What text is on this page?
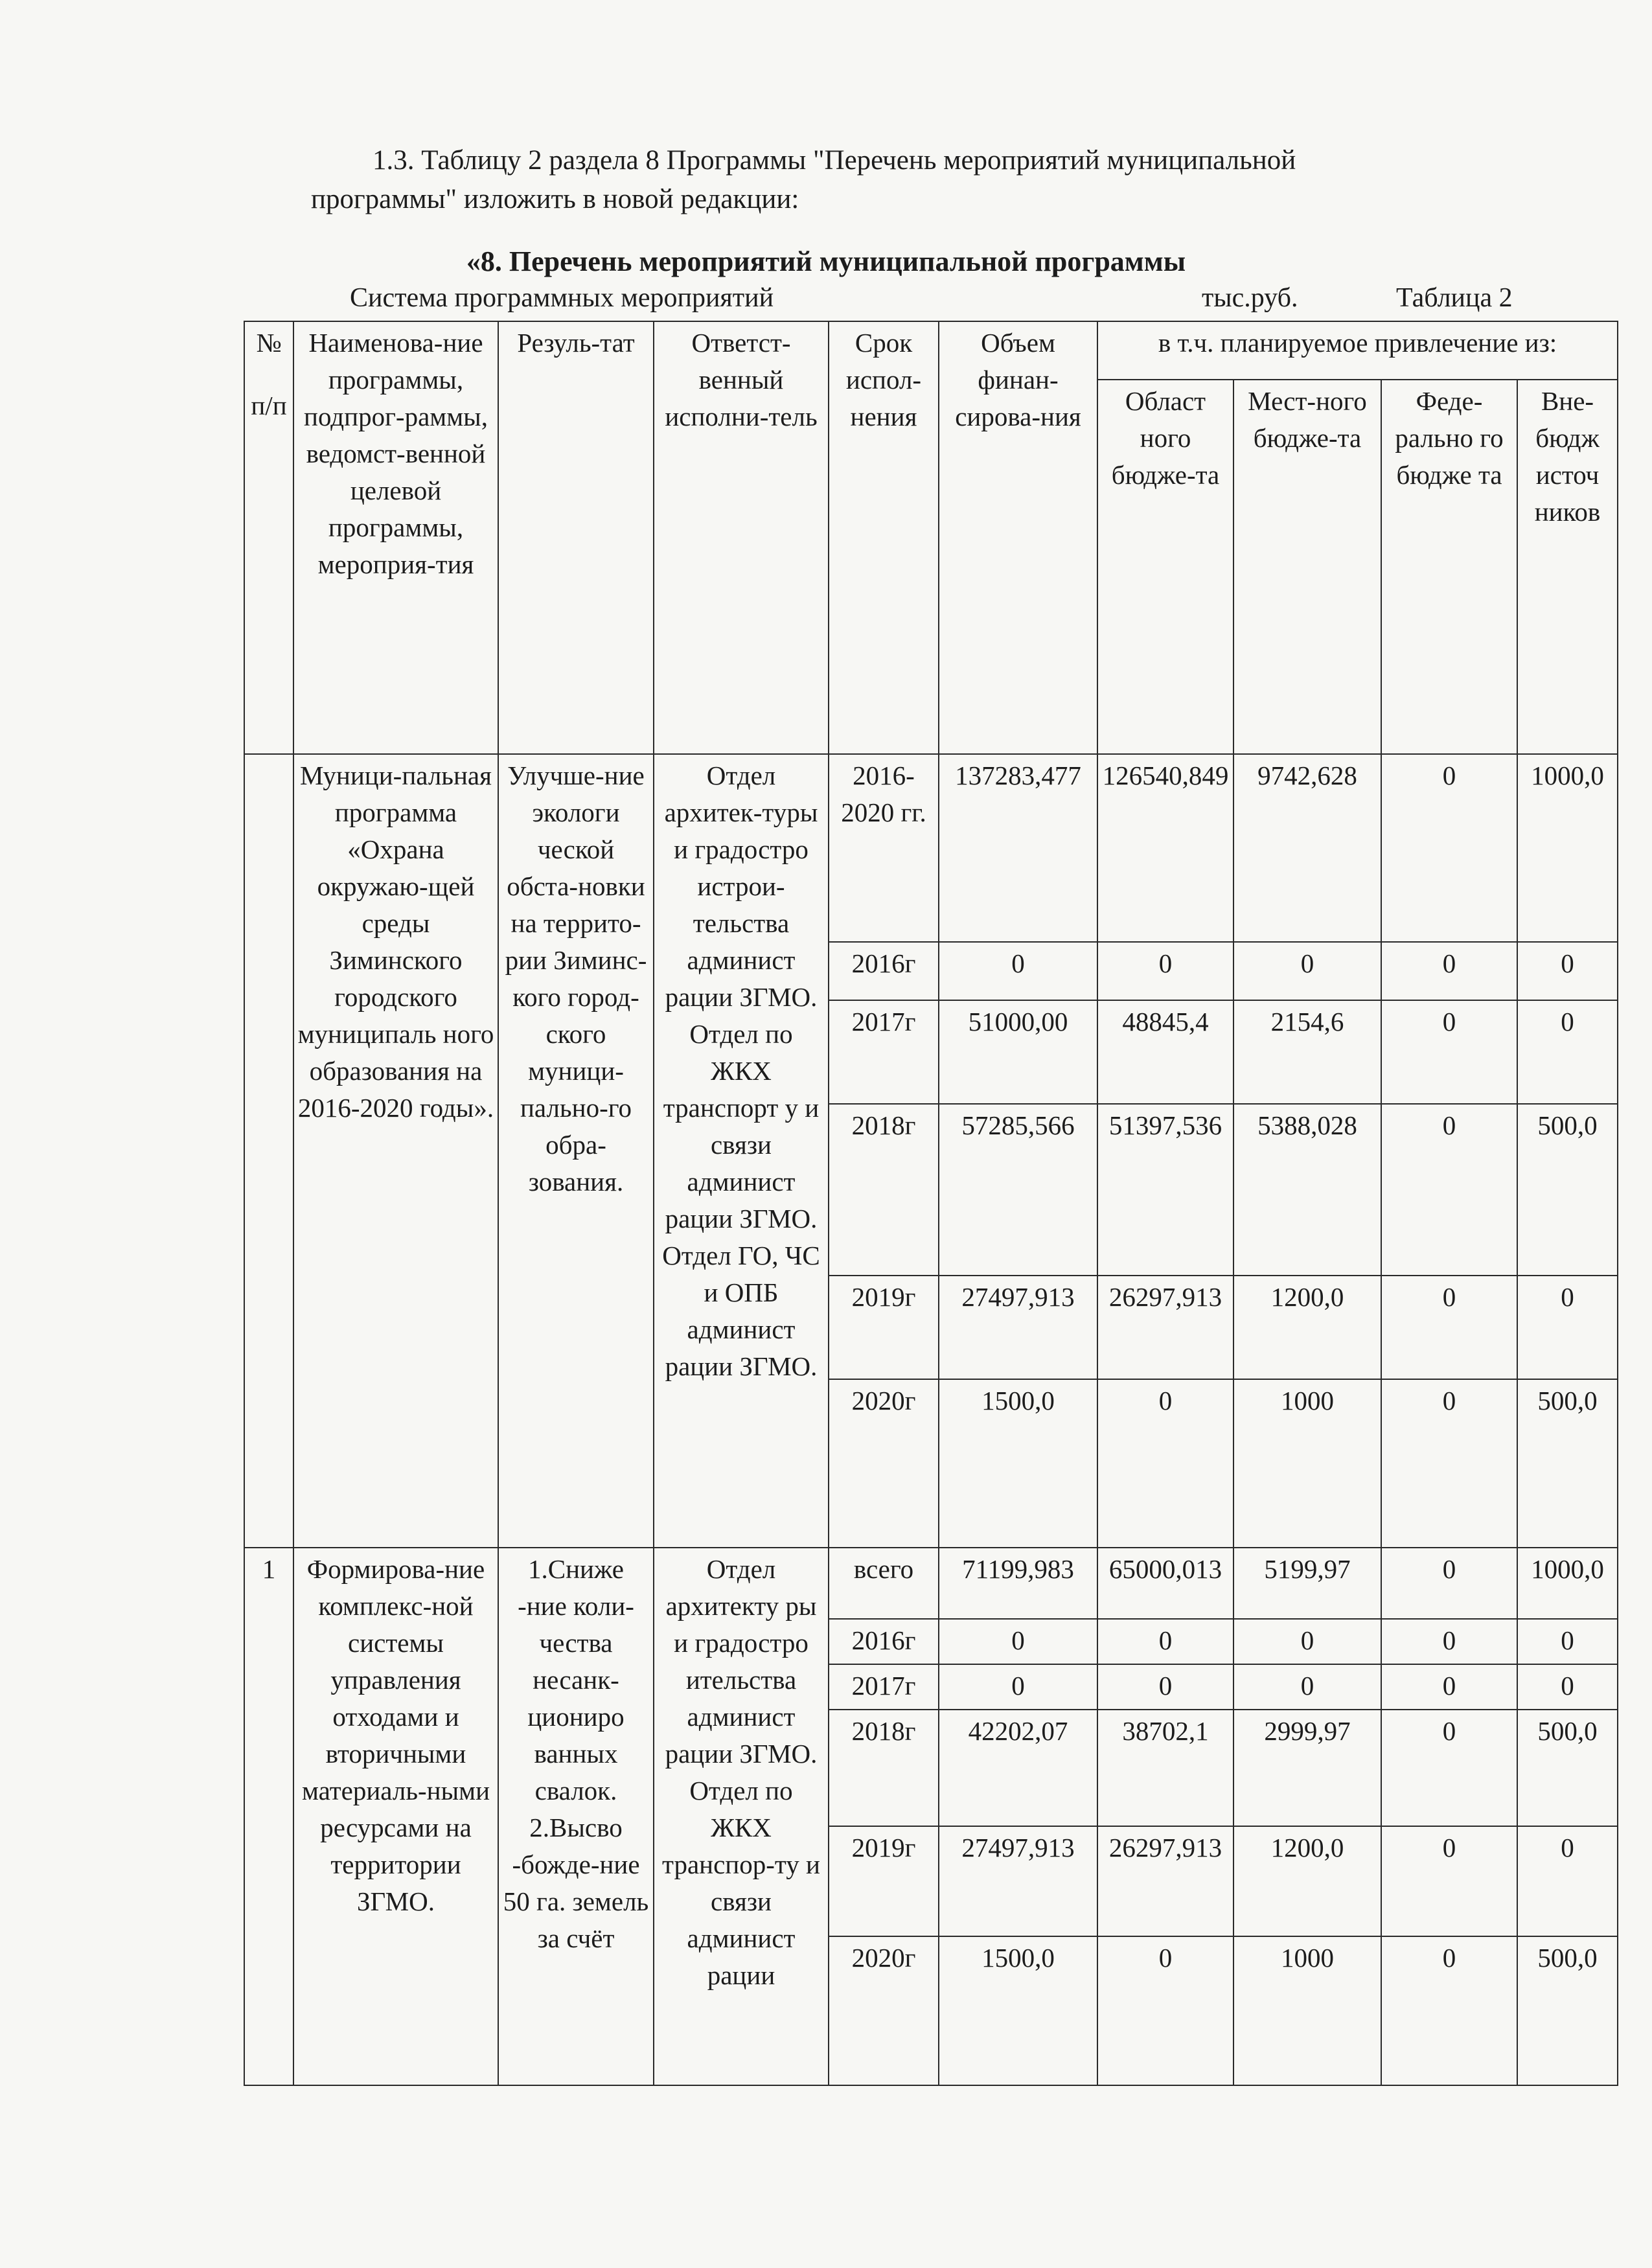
1.3. Таблицу 2 раздела 8 Программы "Перечень мероприятий муниципальной
программы" изложить в новой редакции:
«8. Перечень мероприятий муниципальной программы
Система программных мероприятий	тыс.руб.	Таблица 2
№
п/п	Наименова-ние программы, подпрог-раммы, ведомст-венной целевой программы, мероприя-тия	Резуль-тат	Ответст-венный исполни-тель	Срок испол-нения	Объем финан-сирова-ния	в т.ч. планируемое привлечение из:			
						Област ного бюдже-та	Мест-ного бюдже-та	Феде-рально го бюдже та	Вне-бюдж источ ников
	Муници-пальная программа «Охрана окружаю-щей среды Зиминского городского муниципаль ного образования на 2016-2020 годы».	Улучше-ние экологи ческой обста-новки на террито-рии Зиминс-кого город-ского муници-пально-го обра-зования.	Отдел архитек-туры и градостро истрои-тельства админист рации ЗГМО. Отдел по ЖКХ транспорт у и связи админист рации ЗГМО. Отдел ГО, ЧС и ОПБ админист рации ЗГМО.	2016-2020 гг.	137283,477	126540,849	9742,628	0	1000,0
				2016г	0	0	0	0	0
				2017г	51000,00	48845,4	2154,6	0	0
				2018г	57285,566	51397,536	5388,028	0	500,0
				2019г	27497,913	26297,913	1200,0	0	0
				2020г	1500,0	0	1000	0	500,0
1	Формирова-ние комплекс-ной системы управления отходами и вторичными материаль-ными ресурсами на территории ЗГМО.	1.Сниже -ние коли-чества несанк-циониро ванных свалок. 2.Высво -божде-ние 50 га. земель за счёт	Отдел архитекту ры и градостро ительства админист рации ЗГМО. Отдел по ЖКХ транспор-ту и связи админист рации	всего	71199,983	65000,013	5199,97	0	1000,0
				2016г	0	0	0	0	0
				2017г	0	0	0	0	0
				2018г	42202,07	38702,1	2999,97	0	500,0
				2019г	27497,913	26297,913	1200,0	0	0
				2020г	1500,0	0	1000	0	500,0
